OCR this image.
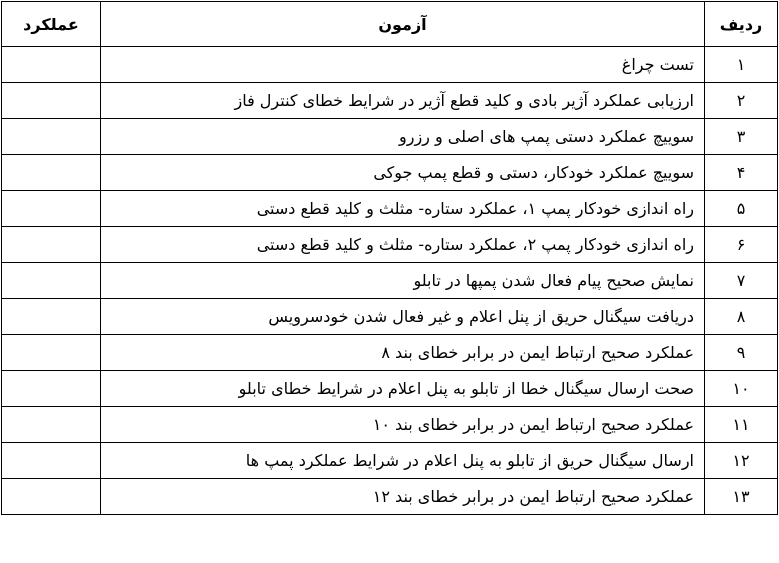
ردیف	آزمون	عملکرد
۱	تست چراغ	
۲	ارزیابی عملکرد آژیر بادی و کلید قطع آژیر در شرایط خطای کنترل فاز	
۳	سوییچ عملکرد دستی پمپ های اصلی و رزرو	
۴	سوییچ عملکرد خودکار، دستی و قطع پمپ جوکی	
۵	راه اندازی خودکار پمپ ۱، عملکرد ستاره- مثلث و کلید قطع دستی	
۶	راه اندازی خودکار پمپ ۲، عملکرد ستاره- مثلث و کلید قطع دستی	
۷	نمایش صحیح پیام فعال شدن پمپها در تابلو	
۸	دریافت سیگنال حریق از پنل اعلام و غیر فعال شدن خودسرویس	
۹	عملکرد صحیح ارتباط ایمن در برابر خطای بند ۸	
۱۰	صحت ارسال سیگنال خطا از تابلو به پنل اعلام در شرایط خطای تابلو	
۱۱	عملکرد صحیح ارتباط ایمن در برابر خطای بند ۱۰	
۱۲	ارسال سیگنال حریق از تابلو به پنل اعلام در شرایط عملکرد پمپ ها	
۱۳	عملکرد صحیح ارتباط ایمن در برابر خطای بند ۱۲	
